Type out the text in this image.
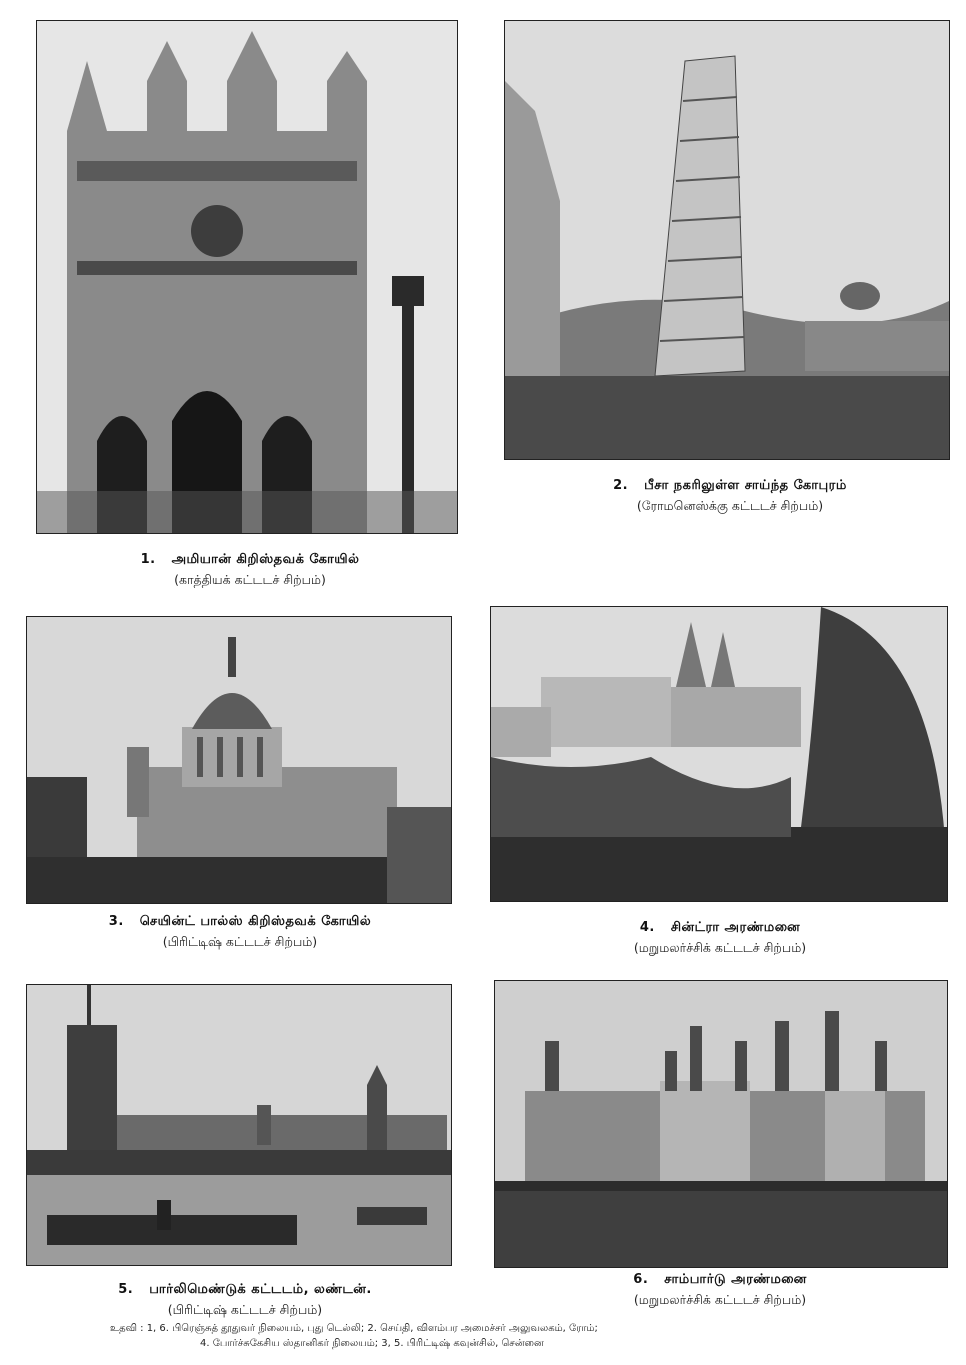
1. அமியான் கிறிஸ்தவக் கோயில்
(காத்தியக் கட்டடச் சிற்பம்)
2. பீசா நகரிலுள்ள சாய்ந்த கோபுரம்
(ரோமனெஸ்க்கு கட்டடச் சிற்பம்)
3. செயின்ட் பால்ஸ் கிறிஸ்தவக் கோயில்
(பிரிட்டிஷ் கட்டடச் சிற்பம்)
4. சின்ட்ரா அரண்மனை
(மறுமலர்ச்சிக் கட்டடச் சிற்பம்)
5. பார்லிமெண்டுக் கட்டடம், லண்டன்.
(பிரிட்டிஷ் கட்டடச் சிற்பம்)
6. சாம்பார்டு அரண்மனை
(மறுமலர்ச்சிக் கட்டடச் சிற்பம்)
உதவி : 1, 6. பிரெஞ்சுத் தூதுவர் நிலையம், புது டெல்லி; 2. செய்தி, விளம்பர அமைச்சர் அலுவலகம், ரோம்;
4. போர்ச்சுகேசிய ஸ்தானிகர் நிலையம்; 3, 5. பிரிட்டிஷ் கவுன்சில், சென்னை
